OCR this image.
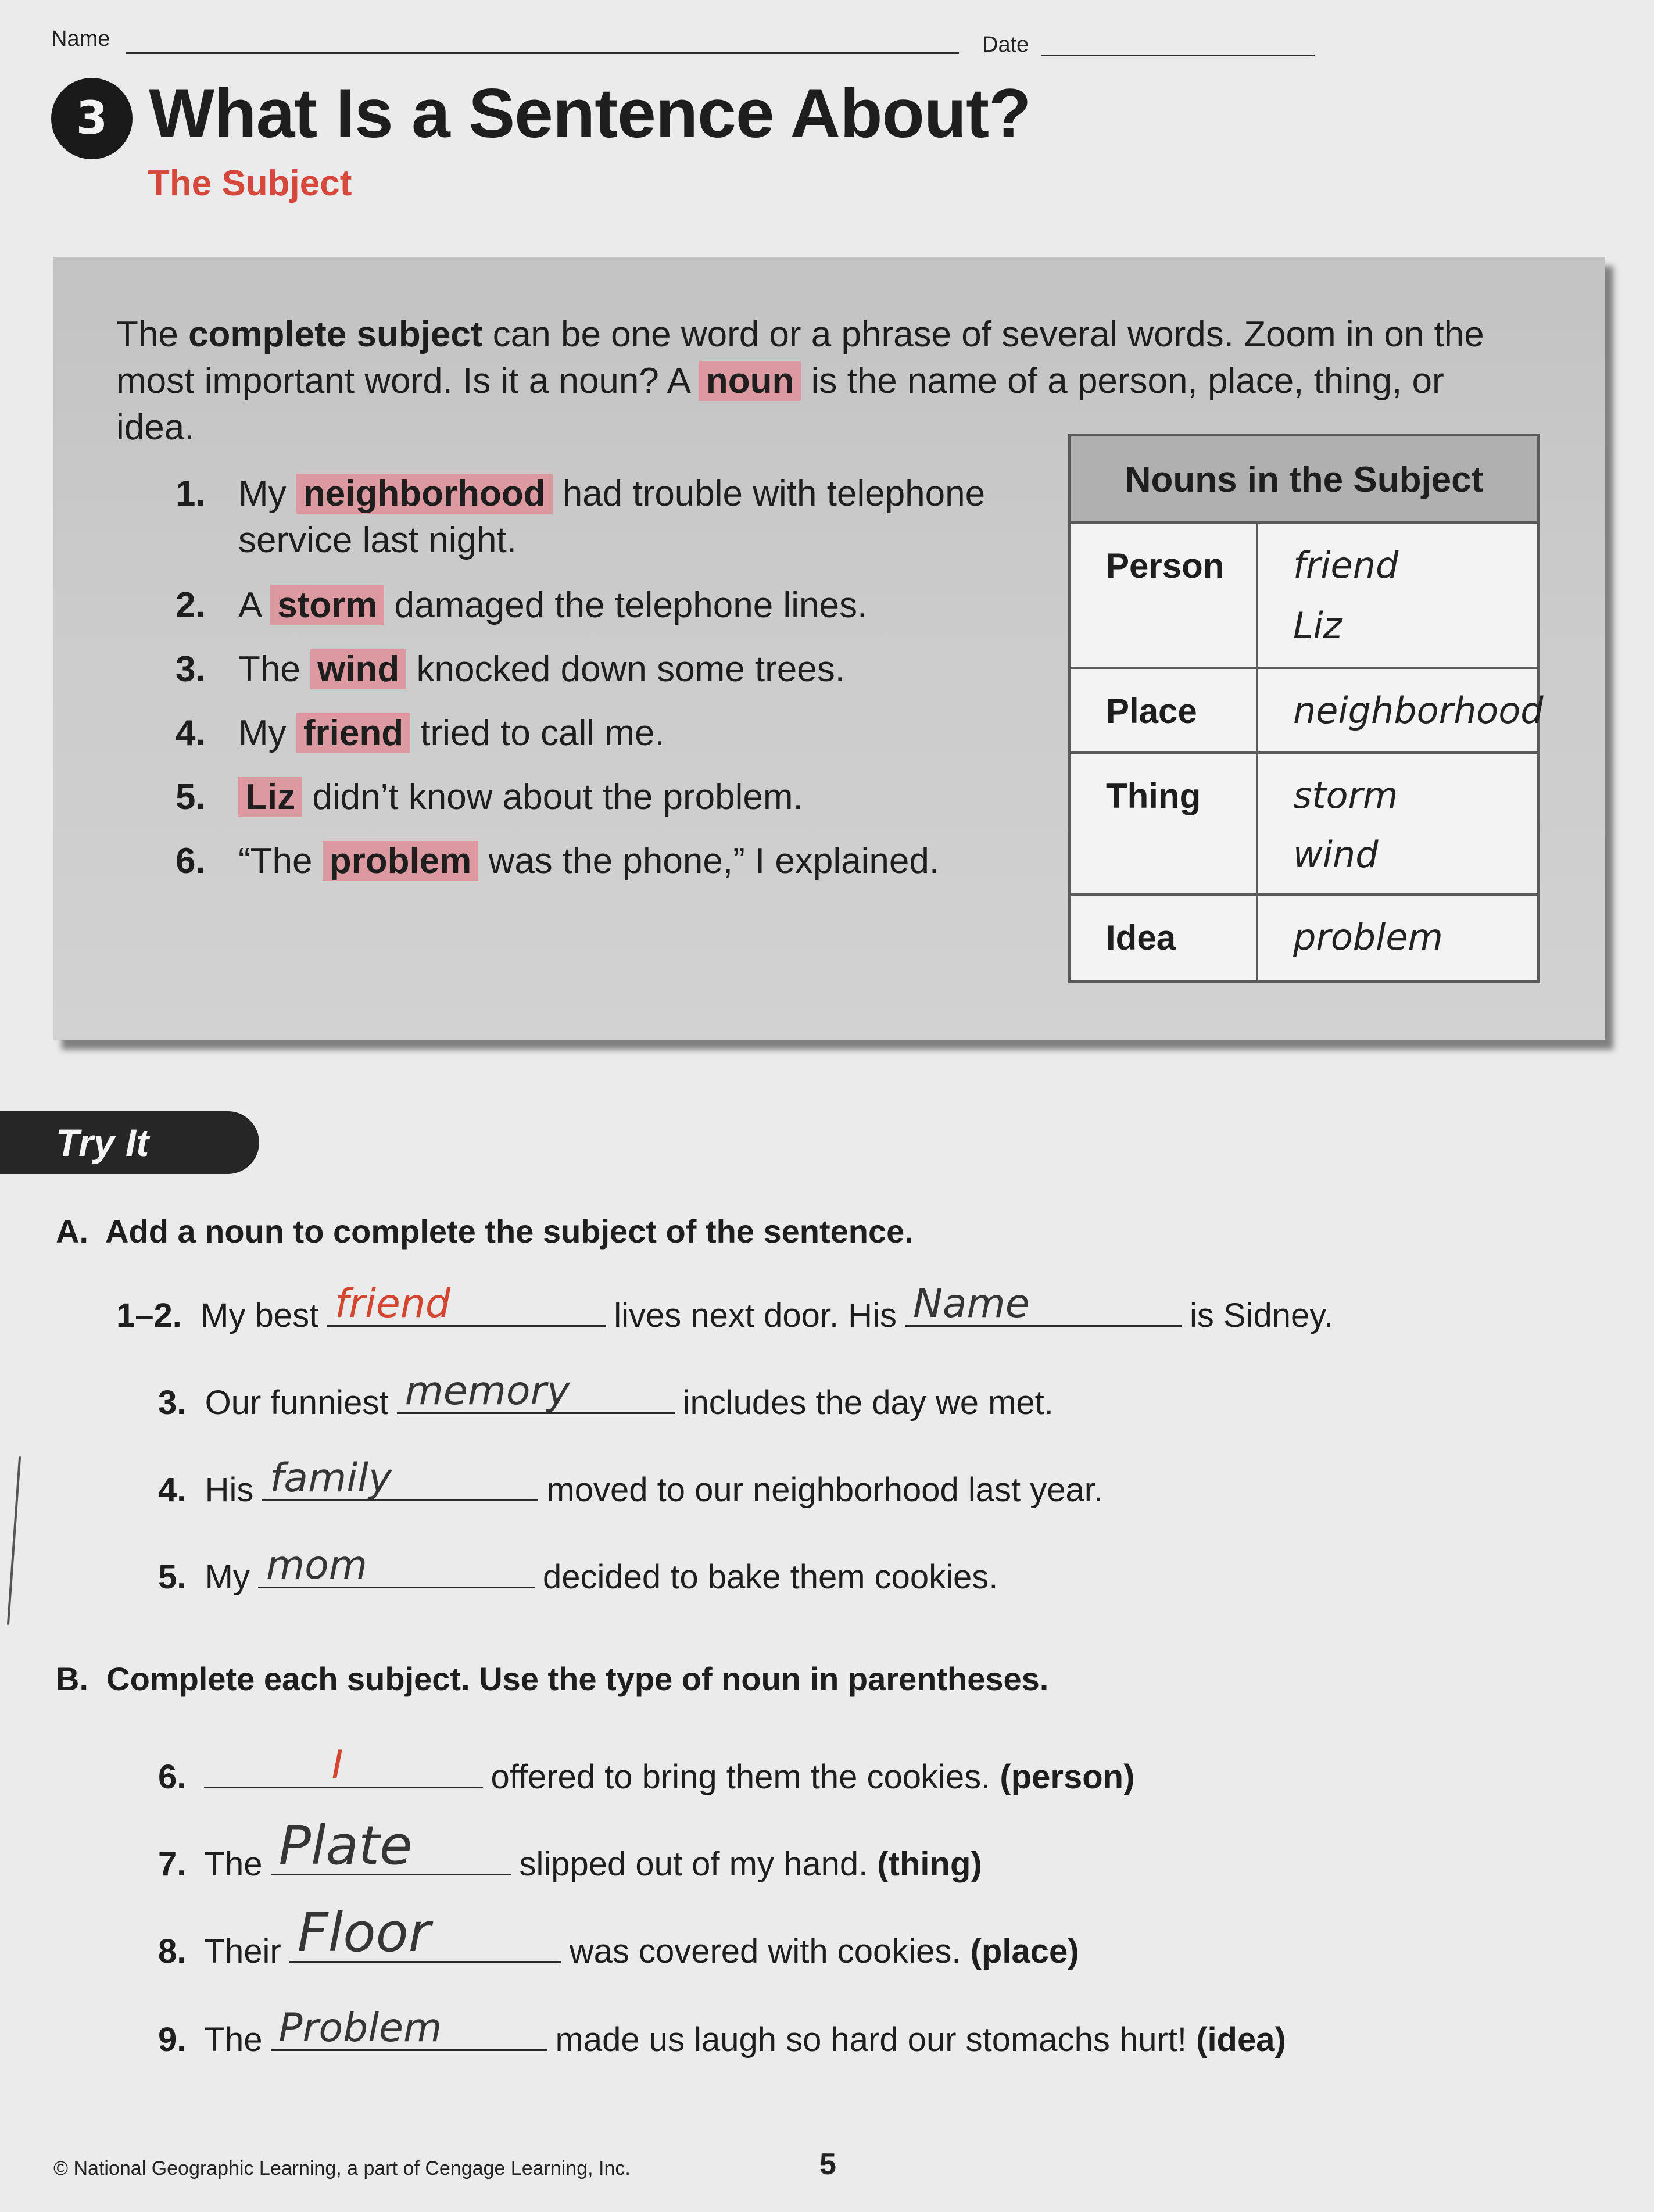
Name	Date
3 What Is a Sentence About?
The Subject

The complete subject can be one word or a phrase of several words. Zoom in on the most important word. Is it a noun? A noun is the name of a person, place, thing, or idea.

1. My neighborhood had trouble with telephone
service last night.
2. A storm damaged the telephone lines.
3. The wind knocked down some trees.
4. My friend tried to call me.
5. Liz didn’t know about the problem.
6. “The problem was the phone,” I explained.
Nouns in the Subject
Person friend
Liz
Place	neighborhood
Thing	storm
wind
Idea	problem
Try It
A. Add a noun to complete the subject of the sentence.
1–2. My best friend	lives next door. His Name	is Sidney.
3. Our funniest memory	includes the day we met.
4. His family	moved to our neighborhood last year.
5. My mom	decided to bake them cookies.
B. Complete each subject. Use the type of noun in parentheses.
6.	I	offered to bring them the cookies. (person)
7. The Plate	slipped out of my hand. (thing)
8. Their Floor	was covered with cookies. (place)
9. The Problem	made us laugh so hard our stomachs hurt! (idea)
© National Geographic Learning, a part of Cengage Learning, Inc.	5
